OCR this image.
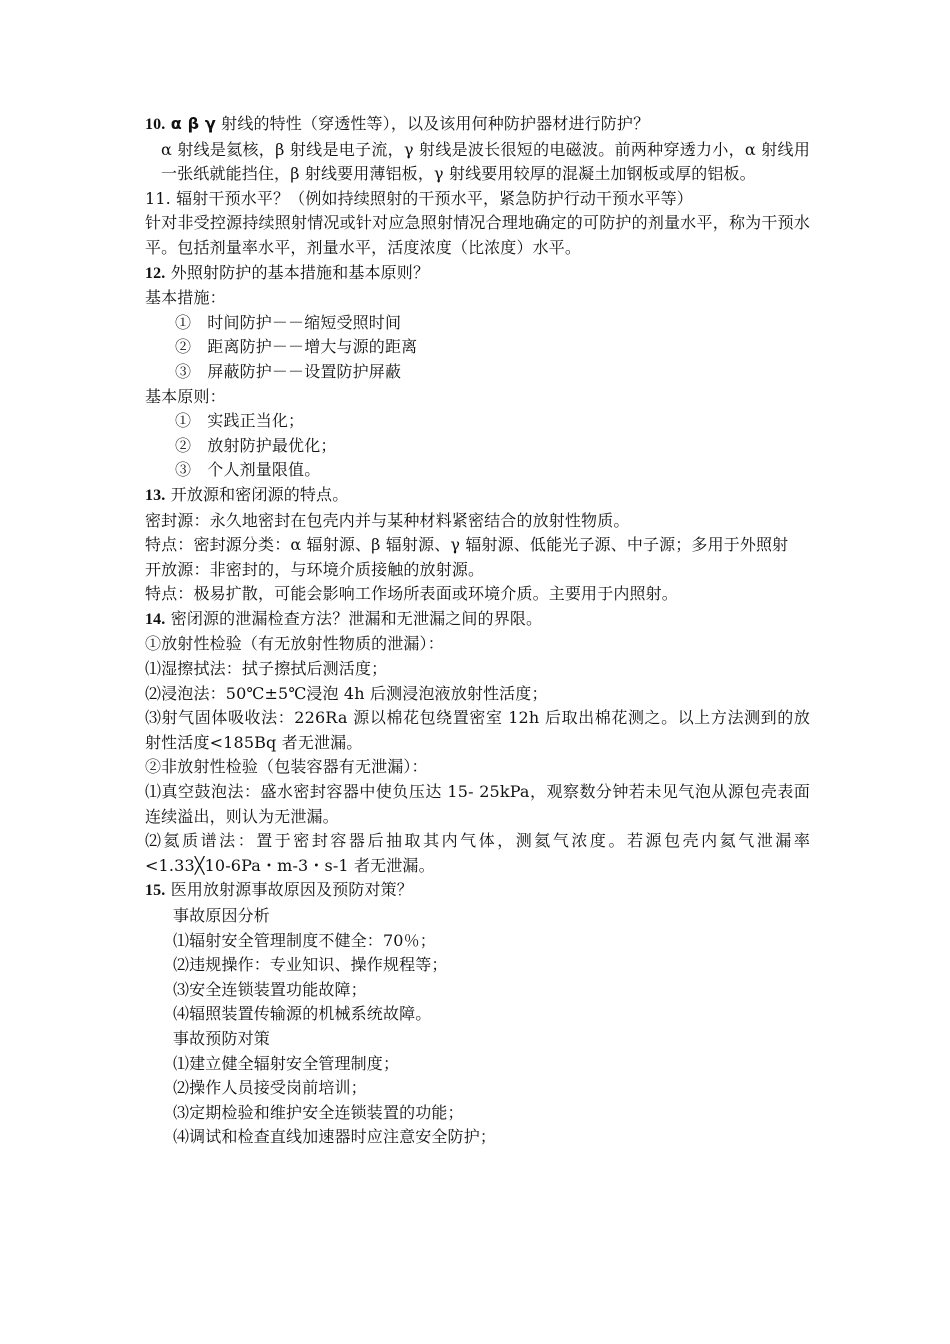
10. α β γ 射线的特性（穿透性等），以及该用何种防护器材进行防护？
α 射线是氦核，β 射线是电子流，γ 射线是波长很短的电磁波。前两种穿透力小，α 射线用一张纸就能挡住，β 射线要用薄铝板，γ 射线要用较厚的混凝土加钢板或厚的铝板。
11. 辐射干预水平？（例如持续照射的干预水平，紧急防护行动干预水平等）
针对非受控源持续照射情况或针对应急照射情况合理地确定的可防护的剂量水平，称为干预水平。包括剂量率水平，剂量水平，活度浓度（比浓度）水平。
12. 外照射防护的基本措施和基本原则？
基本措施：
①　时间防护－－缩短受照时间
②　距离防护－－增大与源的距离
③　屏蔽防护－－设置防护屏蔽
基本原则：
①　实践正当化；
②　放射防护最优化；
③　个人剂量限值。
13. 开放源和密闭源的特点。
密封源：永久地密封在包壳内并与某种材料紧密结合的放射性物质。
特点：密封源分类：α 辐射源、β 辐射源、γ 辐射源、低能光子源、中子源；多用于外照射
开放源：非密封的，与环境介质接触的放射源。
特点：极易扩散，可能会影响工作场所表面或环境介质。主要用于内照射。
14. 密闭源的泄漏检查方法？泄漏和无泄漏之间的界限。
①放射性检验（有无放射性物质的泄漏）：
⑴湿擦拭法：拭子擦拭后测活度；
⑵浸泡法：50℃±5℃浸泡 4h 后测浸泡液放射性活度；
⑶射气固体吸收法：226Ra 源以棉花包绕置密室 12h 后取出棉花测之。以上方法测到的放射性活度<185Bq 者无泄漏。
②非放射性检验（包装容器有无泄漏）：
⑴真空鼓泡法：盛水密封容器中使负压达 15- 25kPa，观察数分钟若未见气泡从源包壳表面连续溢出，则认为无泄漏。
⑵氦质谱法：置于密封容器后抽取其内气体，测氦气浓度。若源包壳内氦气泄漏率<1.33╳10-6Pa・m-3・s-1 者无泄漏。
15. 医用放射源事故原因及预防对策？
事故原因分析
⑴辐射安全管理制度不健全：70％；
⑵违规操作：专业知识、操作规程等；
⑶安全连锁装置功能故障；
⑷辐照装置传输源的机械系统故障。
事故预防对策
⑴建立健全辐射安全管理制度；
⑵操作人员接受岗前培训；
⑶定期检验和维护安全连锁装置的功能；
⑷调试和检查直线加速器时应注意安全防护；
